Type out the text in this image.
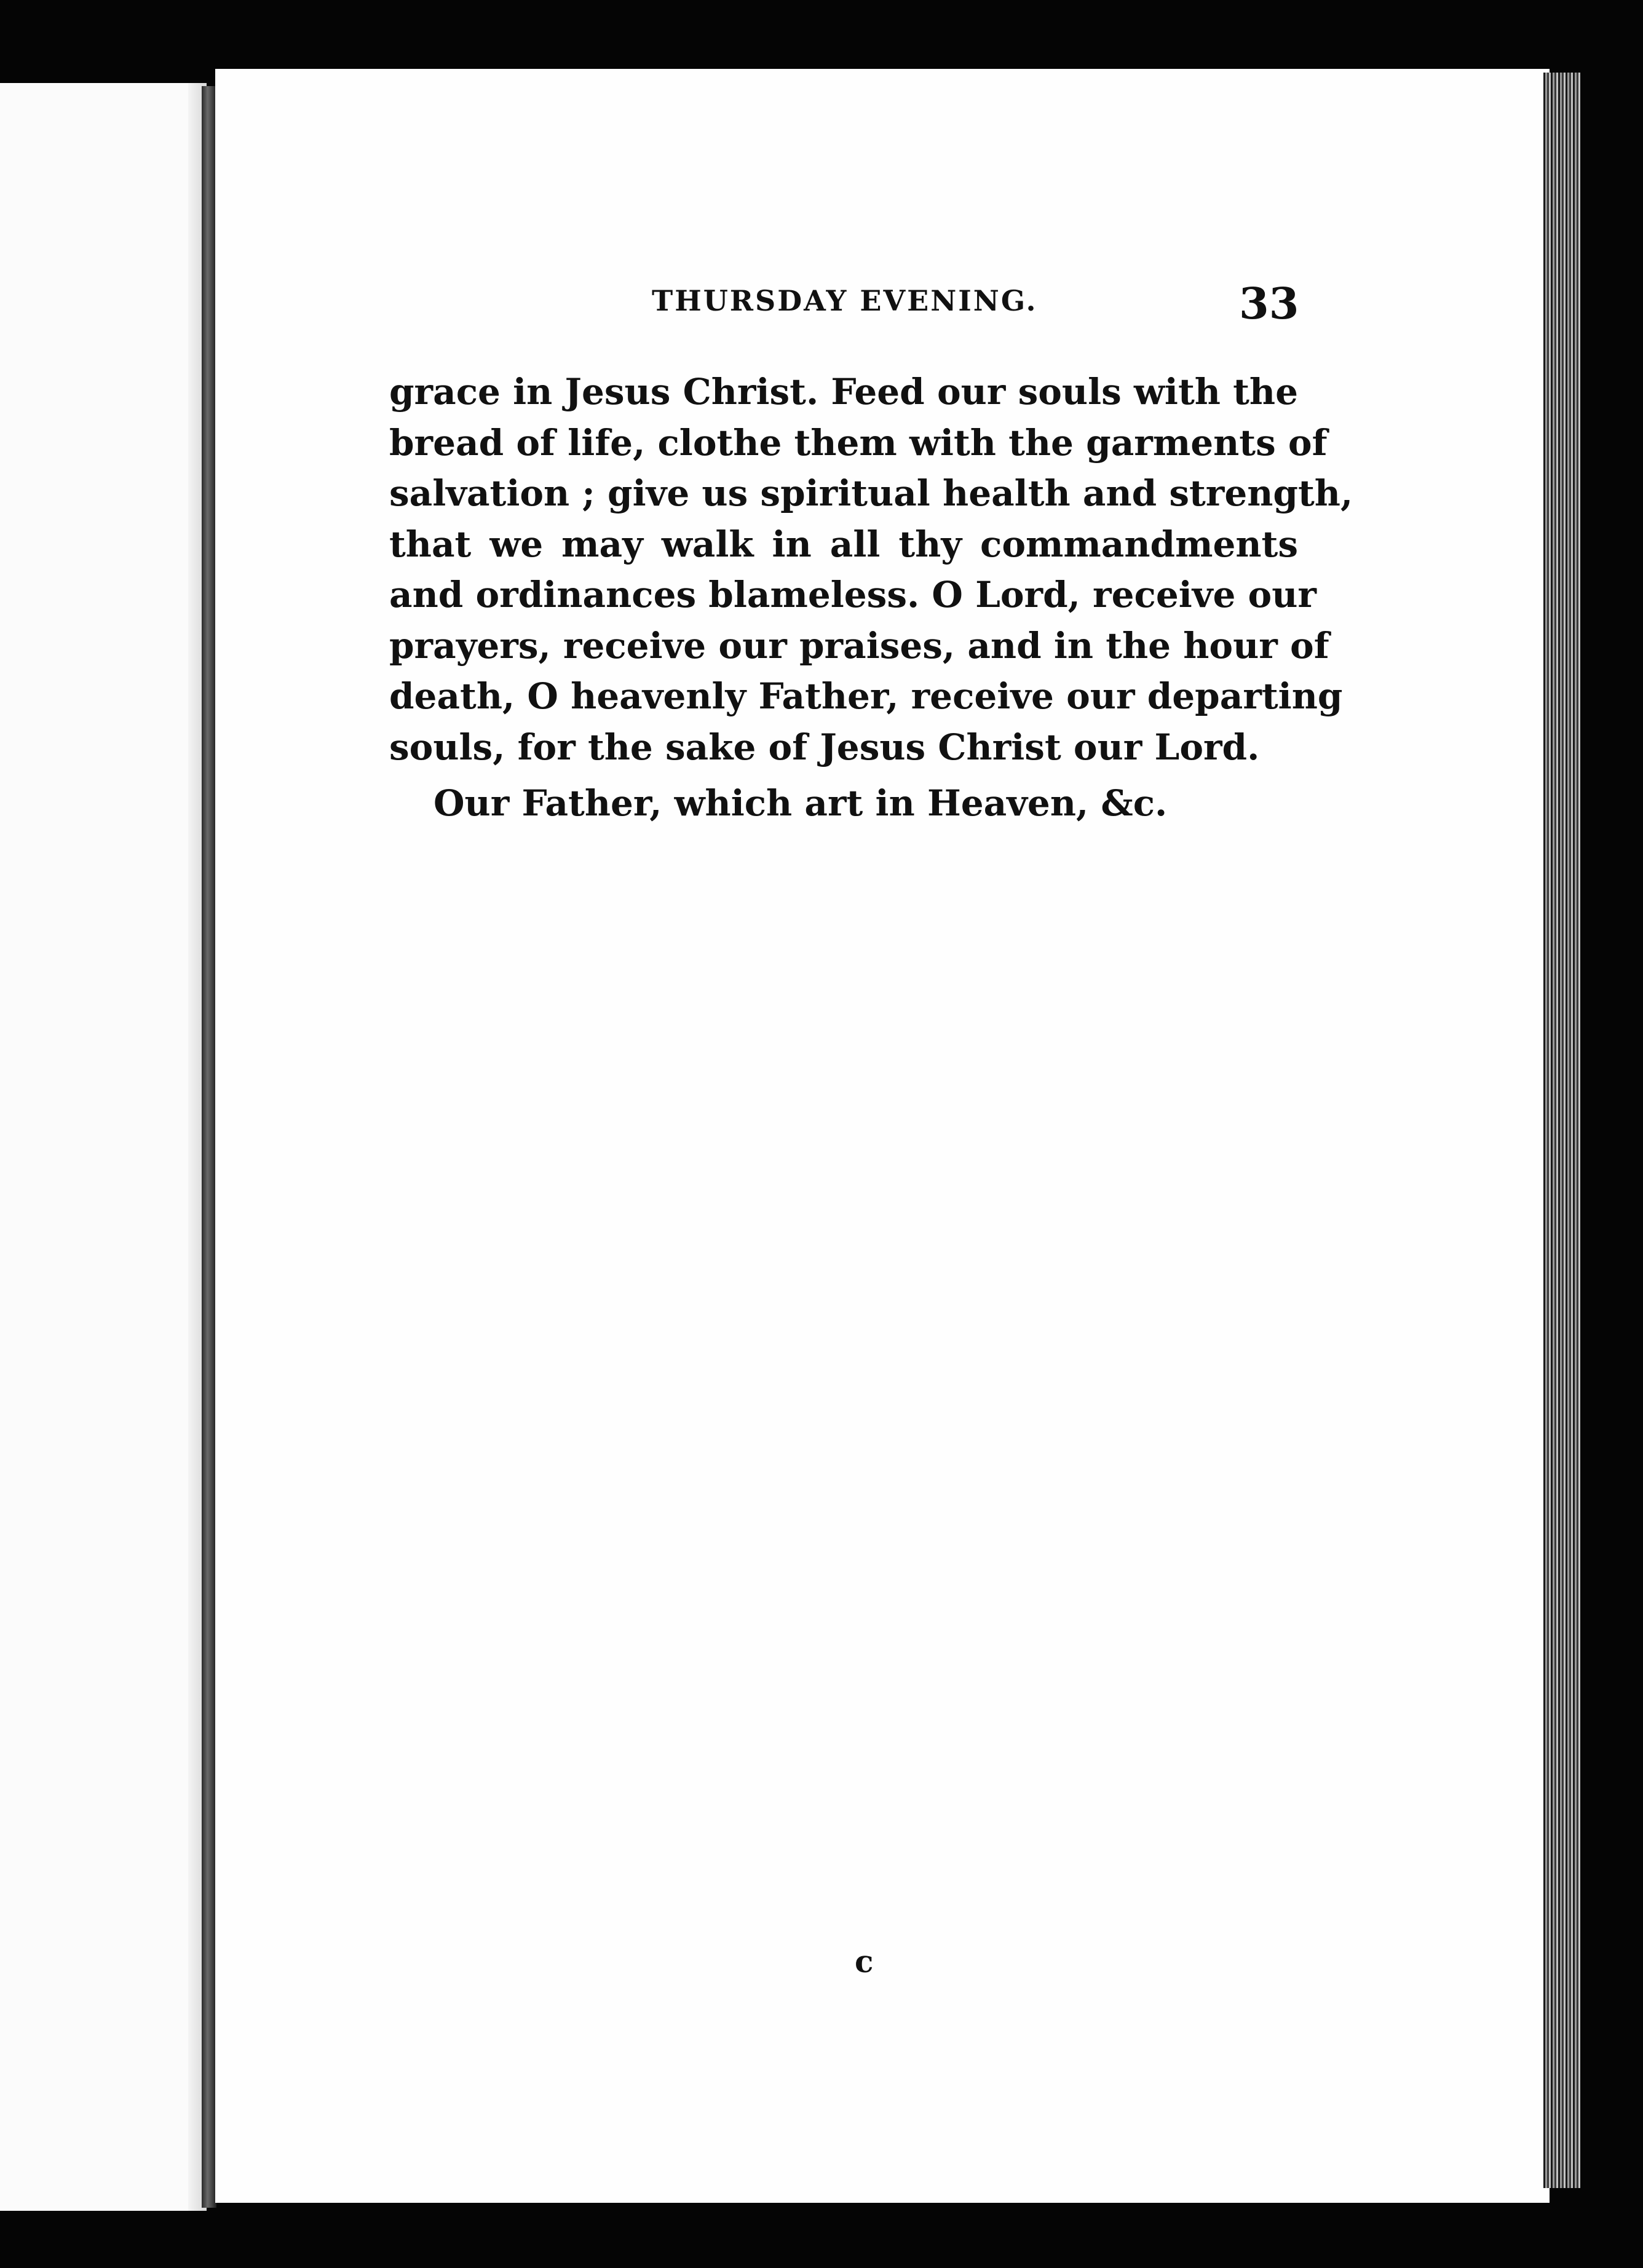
THURSDAY EVENING.	33
grace in Jesus Christ. Feed our souls with the
bread of life, clothe them with the garments of
salvation ; give us spiritual health and strength,
that we may walk in all thy commandments
and ordinances blameless. O Lord, receive our
prayers, receive our praises, and in the hour of
death, O heavenly Father, receive our departing
souls, for the sake of Jesus Christ our Lord.
Our Father, which art in Heaven, &c.
c
